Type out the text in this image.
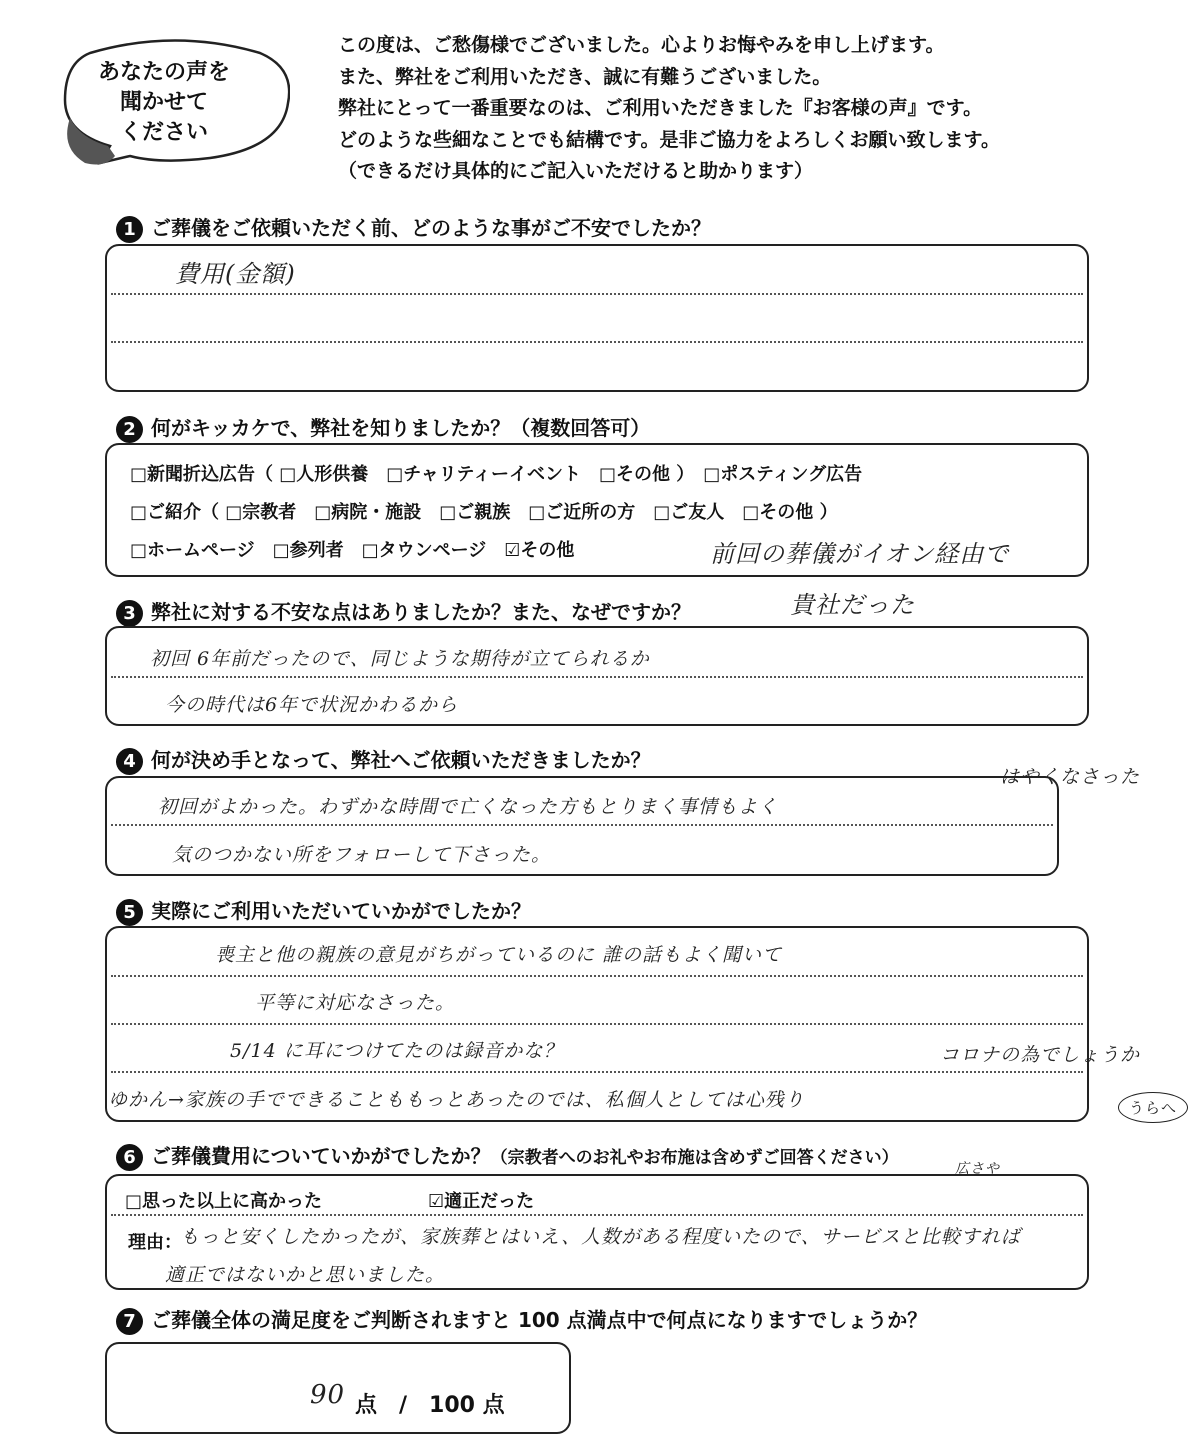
あなたの声を
聞かせて
ください
この度は、ご愁傷様でございました。心よりお悔やみを申し上げます。
また、弊社をご利用いただき、誠に有難うございました。
弊社にとって一番重要なのは、ご利用いただきました『お客様の声』です。
どのような些細なことでも結構です。是非ご協力をよろしくお願い致します。
（できるだけ具体的にご記入いただけると助かります）
1 ご葬儀をご依頼いただく前、どのような事がご不安でしたか？
費用(金額)
2 何がキッカケで、弊社を知りましたか？（複数回答可）
□新聞折込広告（ □人形供養　□チャリティーイベント　□その他 ）　□ポスティング広告
□ご紹介（ □宗教者　□病院・施設　□ご親族　□ご近所の方　□ご友人　□その他 ）
□ホームページ　□参列者　□タウンページ　☑その他	前回の葬儀がイオン経由で
3 弊社に対する不安な点はありましたか？また、なぜですか？	貴社だった
初回 6年前だったので、同じような期待が立てられるか
今の時代は6年で状況かわるから
4 何が決め手となって、弊社へご依頼いただきましたか？
はやくなさった
初回がよかった。わずかな時間で亡くなった方もとりまく事情もよく
気のつかない所をフォローして下さった。
5 実際にご利用いただいていかがでしたか？
喪主と他の親族の意見がちがっているのに 誰の話もよく聞いて
平等に対応なさった。
5/14 に耳につけてたのは録音かな？	コロナの為でしょうか
ゆかん→家族の手でできることももっとあったのでは、私個人としては心残り	うらへ
6 ご葬儀費用についていかがでしたか？（宗教者へのお礼やお布施は含めずご回答ください）
□思った以上に高かった	☑適正だった
広さや
理由：
もっと安くしたかったが、家族葬とはいえ、人数がある程度いたので、サービスと比較すれば
適正ではないかと思いました。
7 ご葬儀全体の満足度をご判断されますと 100 点満点中で何点になりますでしょうか？
90 点　/　100 点
